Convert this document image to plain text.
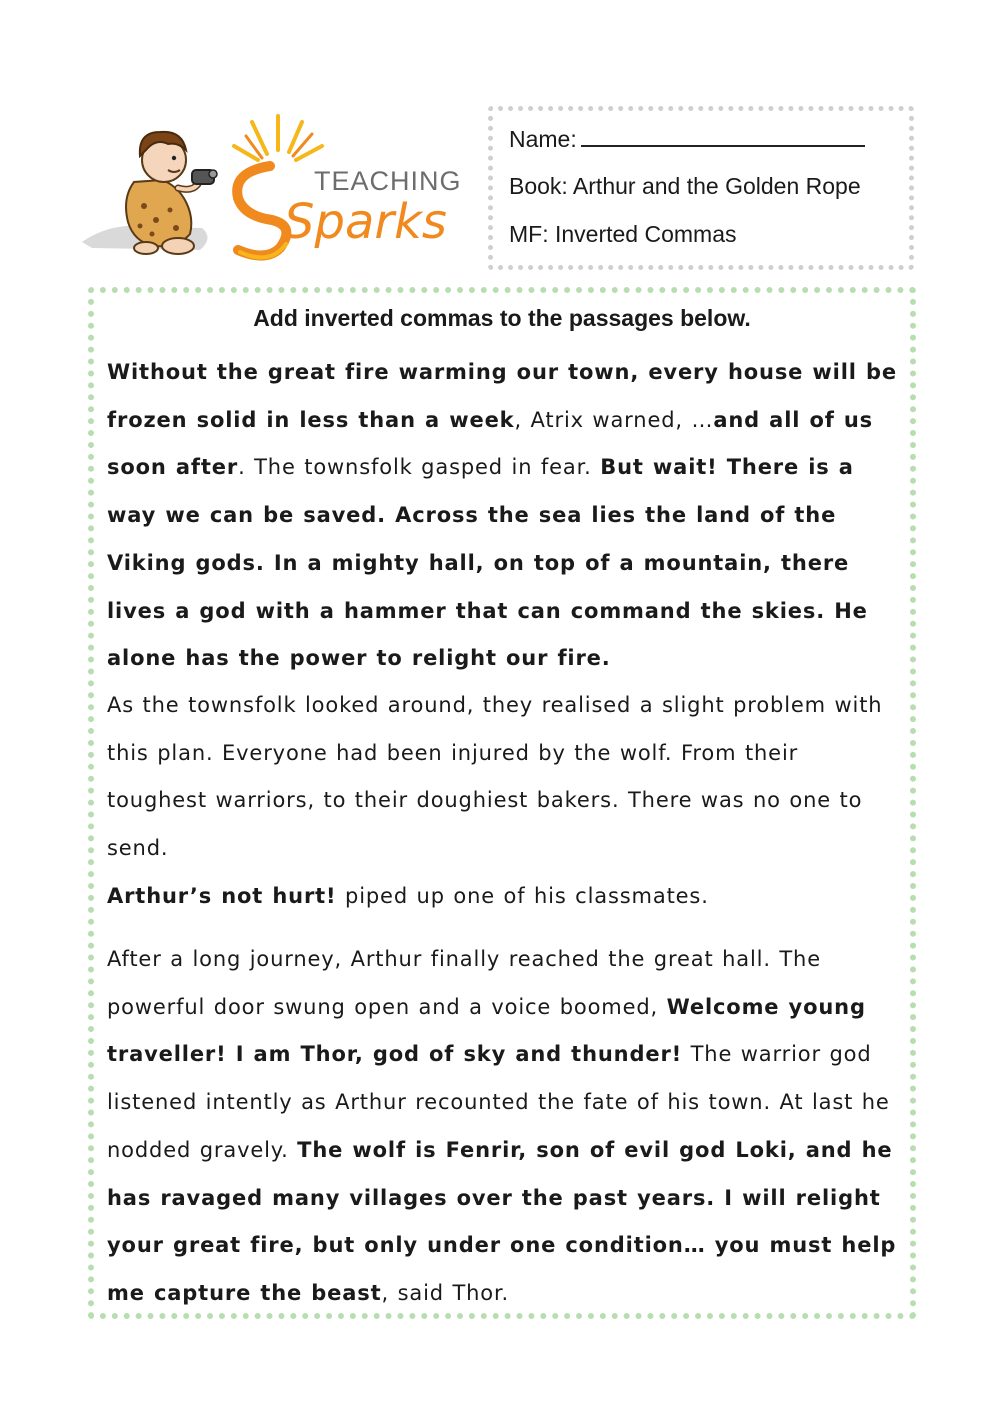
TEACHING
Sparks
Name:
Book: Arthur and the Golden Rope
MF: Inverted Commas
Add inverted commas to the passages below.
Without the great fire warming our town, every house will be frozen solid in less than a week, Atrix warned, …and all of us soon after. The townsfolk gasped in fear. But wait! There is a way we can be saved. Across the sea lies the land of the Viking gods. In a mighty hall, on top of a mountain, there lives a god with a hammer that can command the skies. He alone has the power to relight our fire.
As the townsfolk looked around, they realised a slight problem with this plan. Everyone had been injured by the wolf. From their toughest warriors, to their doughiest bakers. There was no one to send.
Arthur’s not hurt! piped up one of his classmates.
After a long journey, Arthur finally reached the great hall. The powerful door swung open and a voice boomed, Welcome young traveller! I am Thor, god of sky and thunder! The warrior god listened intently as Arthur recounted the fate of his town. At last he nodded gravely. The wolf is Fenrir, son of evil god Loki, and he has ravaged many villages over the past years. I will relight your great fire, but only under one condition… you must help me capture the beast, said Thor.
